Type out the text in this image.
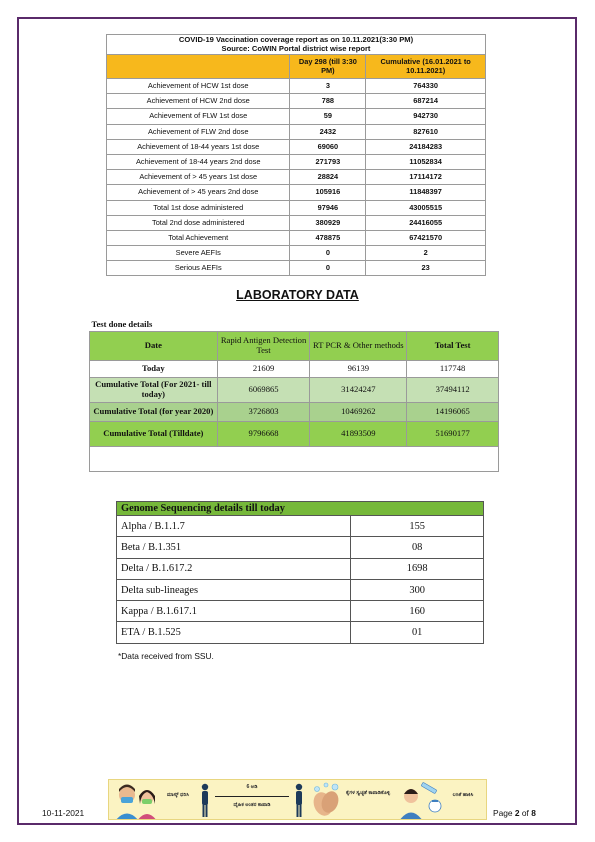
COVID-19 Vaccination coverage report as on 10.11.2021(3:30 PM)		
Source: CoWIN Portal district wise report		
	Day 298 (till 3:30 PM)	Cumulative (16.01.2021 to 10.11.2021)
Achievement of HCW 1st dose	3	764330
Achievement of HCW 2nd dose	788	687214
Achievement of FLW 1st dose	59	942730
Achievement of FLW 2nd dose	2432	827610
Achievement of 18-44 years 1st dose	69060	24184283
Achievement of 18-44 years 2nd dose	271793	11052834
Achievement of > 45 years 1st dose	28824	17114172
Achievement of > 45 years 2nd dose	105916	11848397
Total 1st dose administered	97946	43005515
Total 2nd dose administered	380929	24416055
Total Achievement	478875	67421570
Severe AEFIs	0	2
Serious AEFIs	0	23
LABORATORY DATA
Test done details			
Date	Rapid Antigen Detection Test	RT PCR & Other methods	Total Test
Today	21609	96139	117748
Cumulative Total (For 2021- till today)	6069865	31424247	37494112
Cumulative Total (for year 2020)	3726803	10469262	14196065
Cumulative Total (Tilldate)	9796668	41893509	51690177

Genome Sequencing details till today	
Alpha / B.1.1.7	155
Beta / B.1.351	08
Delta / B.1.617.2	1698
Delta sub-lineages	300
Kappa / B.1.617.1	160
ETA / B.1.525	01
*Data received from SSU.
10-11-2021
ಮಾಸ್ಕ್ ಧರಿಸಿ
6 ಅಡಿ
ದೈಹಿಕ ಅಂತರ ಕಾಪಾಡಿ
ಕೈಗಳ ಸ್ವಚ್ಛತೆ ಕಾಪಾಡಿಕೊಳ್ಳಿ	ಲಸಿಕೆ ಹಾಕಿಸಿ
Page 2 of 8
